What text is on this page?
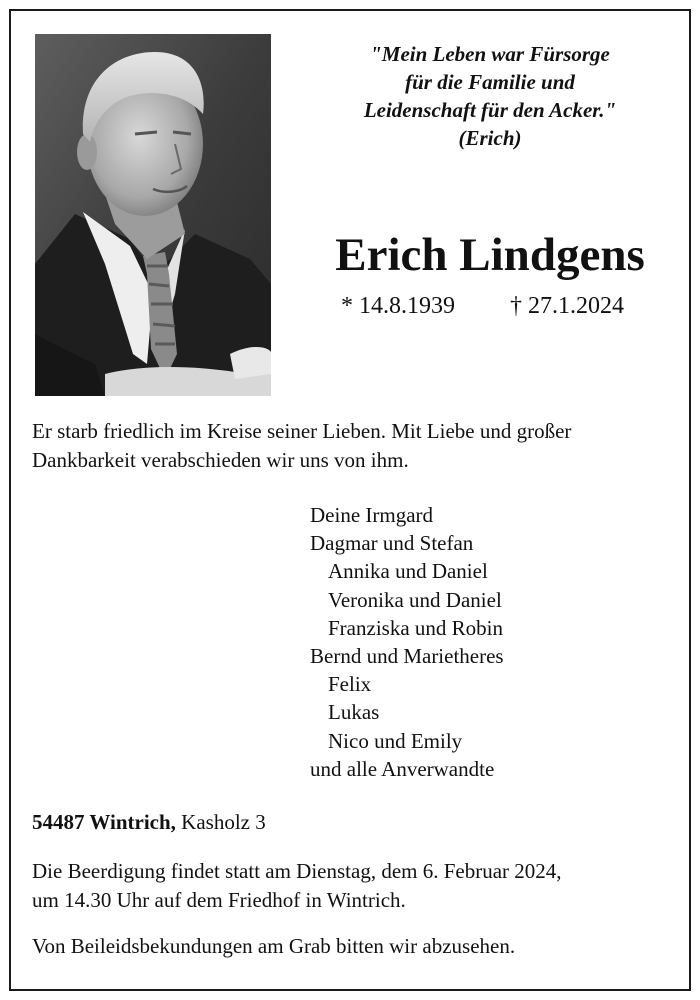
"Mein Leben war Fürsorge
für die Familie und
Leidenschaft für den Acker."
(Erich)
Erich Lindgens
* 14.8.1939 † 27.1.2024
Er starb friedlich im Kreise seiner Lieben. Mit Liebe und großer
Dankbarkeit verabschieden wir uns von ihm.
Deine Irmgard
Dagmar und Stefan
Annika und Daniel
Veronika und Daniel
Franziska und Robin
Bernd und Marietheres
Felix
Lukas
Nico und Emily
und alle Anverwandte
54487 Wintrich, Kasholz 3
Die Beerdigung findet statt am Dienstag, dem 6. Februar 2024,
um 14.30 Uhr auf dem Friedhof in Wintrich.
Von Beileidsbekundungen am Grab bitten wir abzusehen.
